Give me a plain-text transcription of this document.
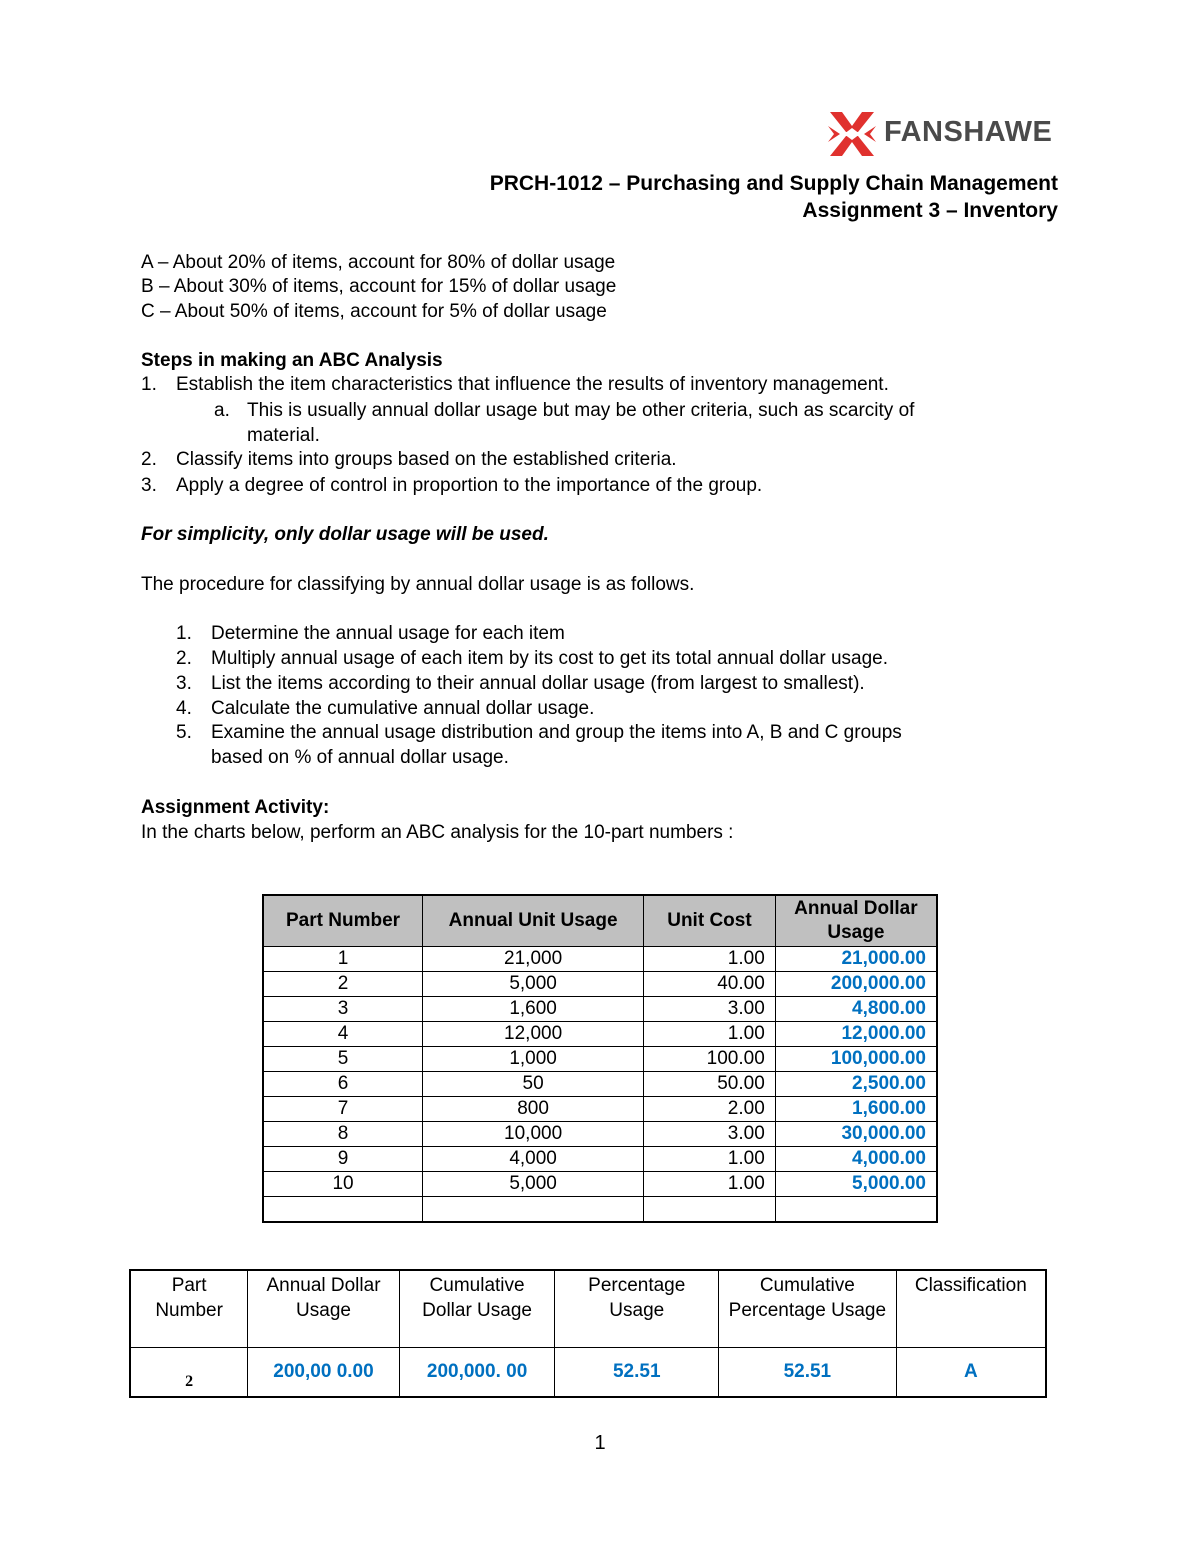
FANSHAWE
PRCH-1012 – Purchasing and Supply Chain Management
Assignment 3 – Inventory
A – About 20% of items, account for 80% of dollar usage
B – About 30% of items, account for 15% of dollar usage
C – About 50% of items, account for 5% of dollar usage
Steps in making an ABC Analysis
1. Establish the item characteristics that influence the results of inventory management.
a. This is usually annual dollar usage but may be other criteria, such as scarcity of
material.
2. Classify items into groups based on the established criteria.
3. Apply a degree of control in proportion to the importance of the group.
For simplicity, only dollar usage will be used.
The procedure for classifying by annual dollar usage is as follows.
1. Determine the annual usage for each item
2. Multiply annual usage of each item by its cost to get its total annual dollar usage.
3. List the items according to their annual dollar usage (from largest to smallest).
4. Calculate the cumulative annual dollar usage.
5. Examine the annual usage distribution and group the items into A, B and C groups
based on % of annual dollar usage.
Assignment Activity:
In the charts below, perform an ABC analysis for the 10-part numbers :
Part Number	Annual Unit Usage	Unit Cost	Annual Dollar Usage
1	21,000	1.00	21,000.00
2	5,000	40.00	200,000.00
3	1,600	3.00	4,800.00
4	12,000	1.00	12,000.00
5	1,000	100.00	100,000.00
6	50	50.00	2,500.00
7	800	2.00	1,600.00
8	10,000	3.00	30,000.00
9	4,000	1.00	4,000.00
10	5,000	1.00	5,000.00

Part Number	Annual Dollar Usage	Cumulative Dollar Usage	Percentage Usage	Cumulative Percentage Usage	Classification
2	200,00 0.00	200,000. 00	52.51	52.51	A
1
